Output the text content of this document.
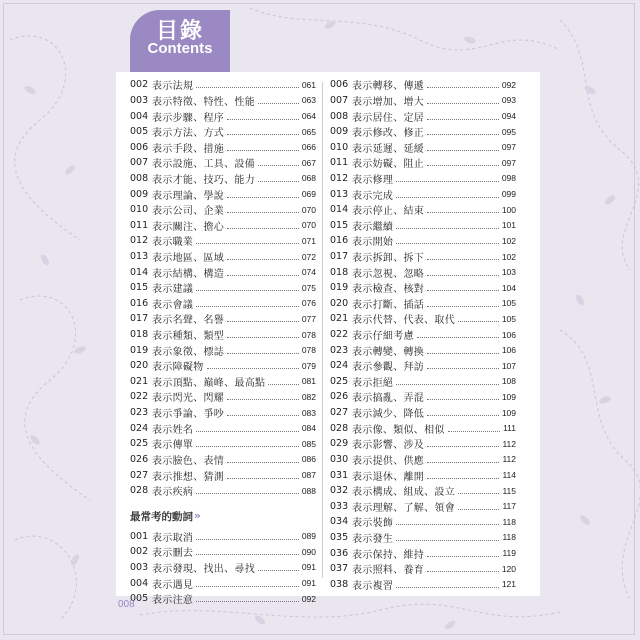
目錄
Contents
002 表示法規	061
003 表示特徵、特性、性能	063
004 表示步驟、程序	064
005 表示方法、方式	065
006 表示手段、措施	066
007 表示設施、工具、設備	067
008 表示才能、技巧、能力	068
009 表示理論、學說	069
010 表示公司、企業	070
011 表示關注、擔心	070
012 表示職業	071
013 表示地區、區域	072
014 表示結構、構造	074
015 表示建議	075
016 表示會議	076
017 表示名聲、名譽	077
018 表示種類、類型	078
019 表示象徵、標誌	078
020 表示障礙物	079
021 表示頂點、巔峰、最高點	081
022 表示閃光、閃耀	082
023 表示爭論、爭吵	083
024 表示姓名	084
025 表示傳單	085
026 表示臉色、表情	086
027 表示推想、猜測	087
028 表示疾病	088
最常考的動詞 »
001 表示取消	089
002 表示刪去	090
003 表示發現、找出、尋找	091
004 表示遇見	091
005 表示注意	092
006 表示轉移、傳遞	092
007 表示增加、增大	093
008 表示居住、定居	094
009 表示修改、修正	095
010 表示延遲、延緩	097
011 表示妨礙、阻止	097
012 表示修理	098
013 表示完成	099
014 表示停止、結束	100
015 表示繼續	101
016 表示開始	102
017 表示拆卸、拆下	102
018 表示忽視、忽略	103
019 表示檢查、核對	104
020 表示打斷、插話	105
021 表示代替、代表、取代	105
022 表示仔細考慮	106
023 表示轉變、轉換	106
024 表示參觀、拜訪	107
025 表示拒絕	108
026 表示搞亂、弄混	109
027 表示減少、降低	109
028 表示像、類似、相似	111
029 表示影響、涉及	112
030 表示提供、供應	112
031 表示退休、離開	114
032 表示構成、組成、設立	115
033 表示理解、了解、領會	117
034 表示裝飾	118
035 表示發生	118
036 表示保持、維持	119
037 表示照料、養育	120
038 表示複習	121
008
